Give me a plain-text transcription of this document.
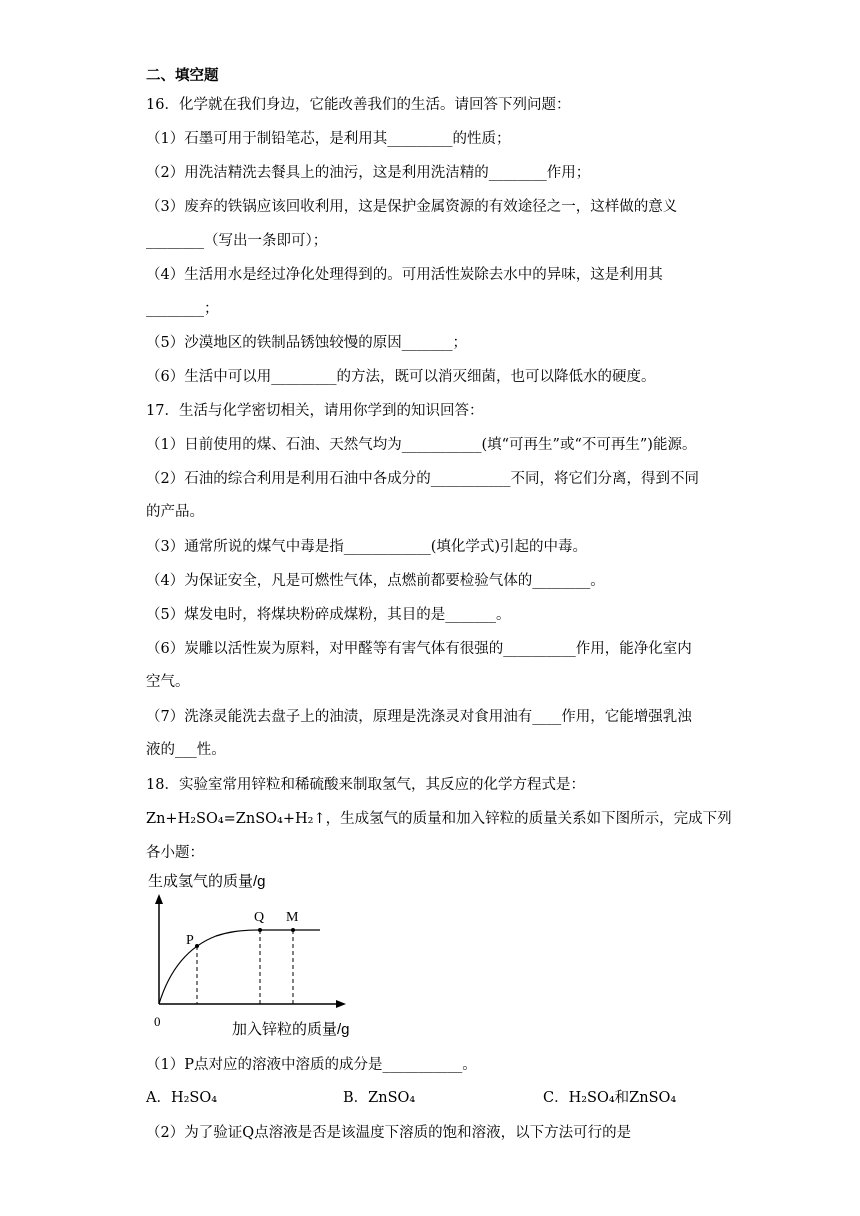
二、填空题
16．化学就在我们身边，它能改善我们的生活。请回答下列问题：
（1）石墨可用于制铅笔芯，是利用其_________的性质；
（2）用洗洁精洗去餐具上的油污，这是利用洗洁精的________作用；
（3）废弃的铁锅应该回收利用，这是保护金属资源的有效途径之一，这样做的意义
________（写出一条即可）；
（4）生活用水是经过净化处理得到的。可用活性炭除去水中的异味，这是利用其
________；
（5）沙漠地区的铁制品锈蚀较慢的原因_______；
（6）生活中可以用_________的方法，既可以消灭细菌，也可以降低水的硬度。
17．生活与化学密切相关，请用你学到的知识回答：
（1）日前使用的煤、石油、天然气均为___________(填“可再生”或“不可再生”)能源。
（2）石油的综合利用是利用石油中各成分的___________不同，将它们分离，得到不同
的产品。
（3）通常所说的煤气中毒是指____________(填化学式)引起的中毒。
（4）为保证安全，凡是可燃性气体，点燃前都要检验气体的________。
（5）煤发电时，将煤块粉碎成煤粉，其目的是_______。
（6）炭雕以活性炭为原料，对甲醛等有害气体有很强的__________作用，能净化室内
空气。
（7）洗涤灵能洗去盘子上的油渍，原理是洗涤灵对食用油有____作用，它能增强乳浊
液的___性。
18．实验室常用锌粒和稀硫酸来制取氢气，其反应的化学方程式是：
Zn+H₂SO₄=ZnSO₄+H₂↑，生成氢气的质量和加入锌粒的质量关系如下图所示，完成下列
各小题：
生成氢气的质量/g
P
Q M
0	加入锌粒的质量/g
（1）P点对应的溶液中溶质的成分是___________。
A．H₂SO₄	B．ZnSO₄	C．H₂SO₄和ZnSO₄
（2）为了验证Q点溶液是否是该温度下溶质的饱和溶液，以下方法可行的是
